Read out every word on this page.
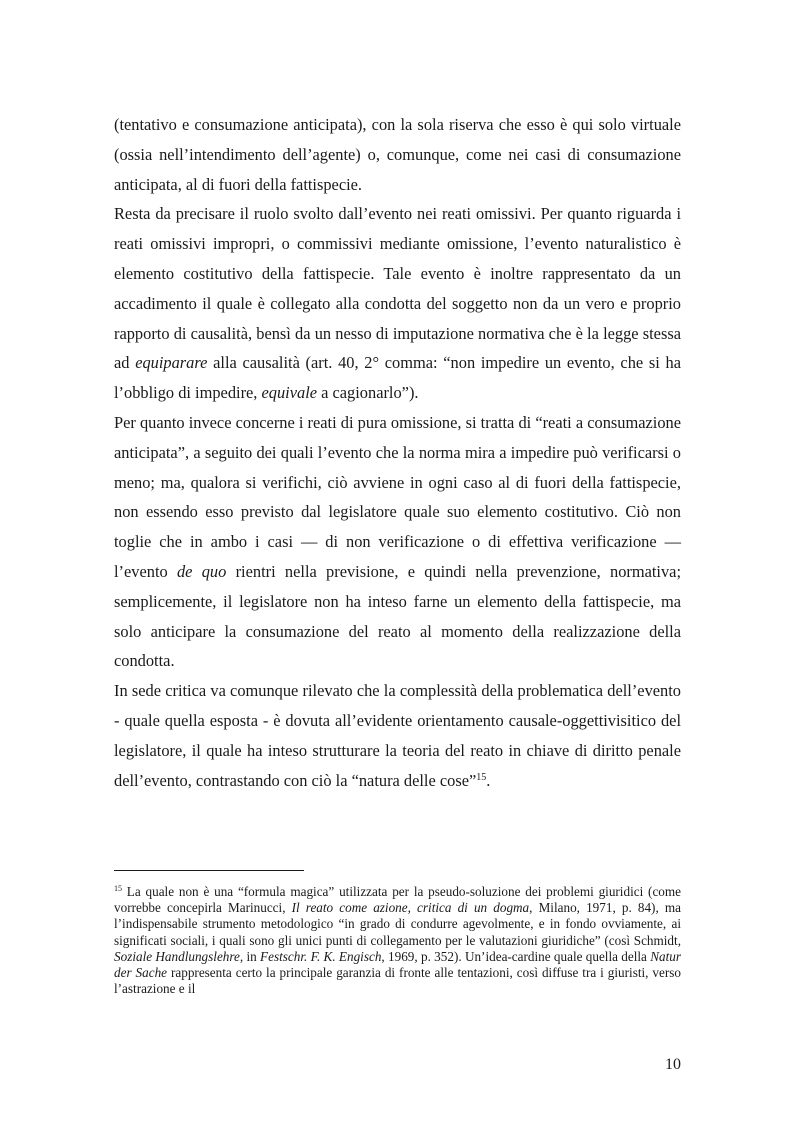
(tentativo e consumazione anticipata), con la sola riserva che esso è qui solo virtuale (ossia nell’intendimento dell’agente) o, comunque, come nei casi di consumazione anticipata, al di fuori della fattispecie.

Resta da precisare il ruolo svolto dall’evento nei reati omissivi. Per quanto riguarda i reati omissivi impropri, o commissivi mediante omissione, l’evento naturalistico è elemento costitutivo della fattispecie. Tale evento è inoltre rappresentato da un accadimento il quale è collegato alla condotta del soggetto non da un vero e proprio rapporto di causalità, bensì da un nesso di imputazione normativa che è la legge stessa ad equiparare alla causalità (art. 40, 2° comma: “non impedire un evento, che si ha l’obbligo di impedire, equivale a cagionarlo”).

Per quanto invece concerne i reati di pura omissione, si tratta di “reati a consumazione anticipata”, a seguito dei quali l’evento che la norma mira a impedire può verificarsi o meno; ma, qualora si verifichi, ciò avviene in ogni caso al di fuori della fattispecie, non essendo esso previsto dal legislatore quale suo elemento costitutivo. Ciò non toglie che in ambo i casi — di non verificazione o di effettiva verificazione — l’evento de quo rientri nella previsione, e quindi nella prevenzione, normativa; semplicemente, il legislatore non ha inteso farne un elemento della fattispecie, ma solo anticipare la consumazione del reato al momento della realizzazione della condotta.

In sede critica va comunque rilevato che la complessità della problematica dell’evento - quale quella esposta - è dovuta all’evidente orientamento causale-oggettivisitico del legislatore, il quale ha inteso strutturare la teoria del reato in chiave di diritto penale dell’evento, contrastando con ciò la “natura delle cose”$^{15}$.

$^{15}$ La quale non è una “formula magica” utilizzata per la pseudo-soluzione dei problemi giuridici (come vorrebbe concepirla Marinucci, Il reato come azione, critica di un dogma, Milano, 1971, p. 84), ma l’indispensabile strumento metodologico “in grado di condurre agevolmente, e in fondo ovviamente, ai significati sociali, i quali sono gli unici punti di collegamento per le valutazioni giuridiche” (così Schmidt, Soziale Handlungslehre, in Festschr. F. K. Engisch, 1969, p. 352). Un’idea-cardine quale quella della Natur der Sache rappresenta certo la principale garanzia di fronte alle tentazioni, così diffuse tra i giuristi, verso l’astrazione e il
10
